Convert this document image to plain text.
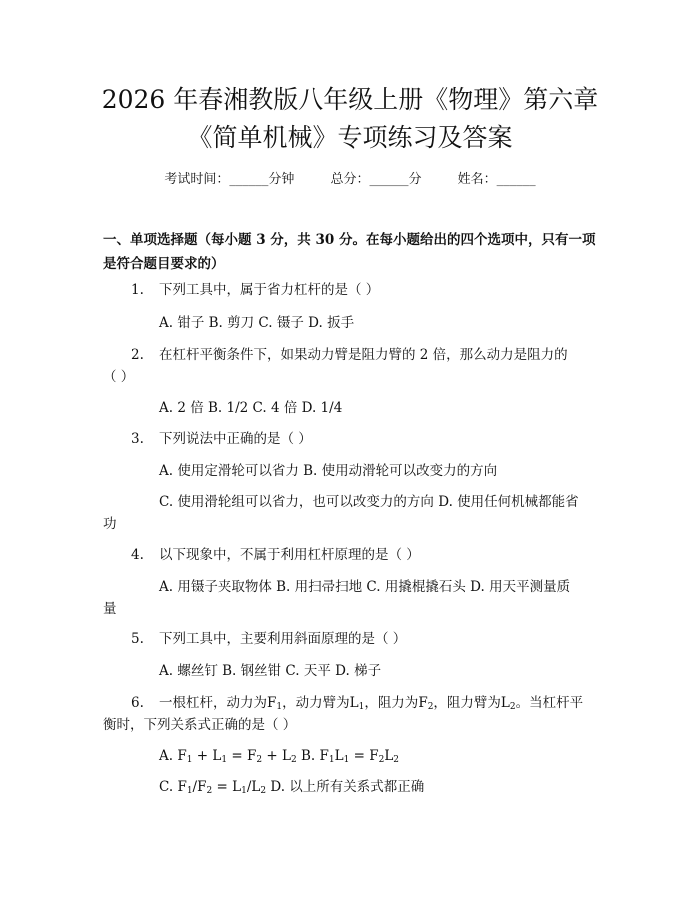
2026 年春湘教版八年级上册《物理》第六章
《简单机械》专项练习及答案
考试时间：______分钟	总分：______分	姓名：______
一、单项选择题（每小题 3 分，共 30 分。在每小题给出的四个选项中，只有一项
是符合题目要求的）
1. 下列工具中，属于省力杠杆的是（ ）
A. 钳子 B. 剪刀 C. 镊子 D. 扳手
2. 在杠杆平衡条件下，如果动力臂是阻力臂的 2 倍，那么动力是阻力的
（ ）
A. 2 倍 B. 1/2 C. 4 倍 D. 1/4
3. 下列说法中正确的是（ ）
A. 使用定滑轮可以省力 B. 使用动滑轮可以改变力的方向
C. 使用滑轮组可以省力，也可以改变力的方向 D. 使用任何机械都能省
功
4. 以下现象中，不属于利用杠杆原理的是（ ）
A. 用镊子夹取物体 B. 用扫帚扫地 C. 用撬棍撬石头 D. 用天平测量质
量
5. 下列工具中，主要利用斜面原理的是（ ）
A. 螺丝钉 B. 钢丝钳 C. 天平 D. 梯子
6. 一根杠杆，动力为$F_1$，动力臂为$L_1$，阻力为$F_2$，阻力臂为$L_2$。当杠杆平
衡时，下列关系式正确的是（ ）
A. $F_1 + L_1 = F_2 + L_2$ B. $F_1L_1 = F_2L_2$
C. $F_1/F_2 = L_1/L_2$ D. 以上所有关系式都正确
